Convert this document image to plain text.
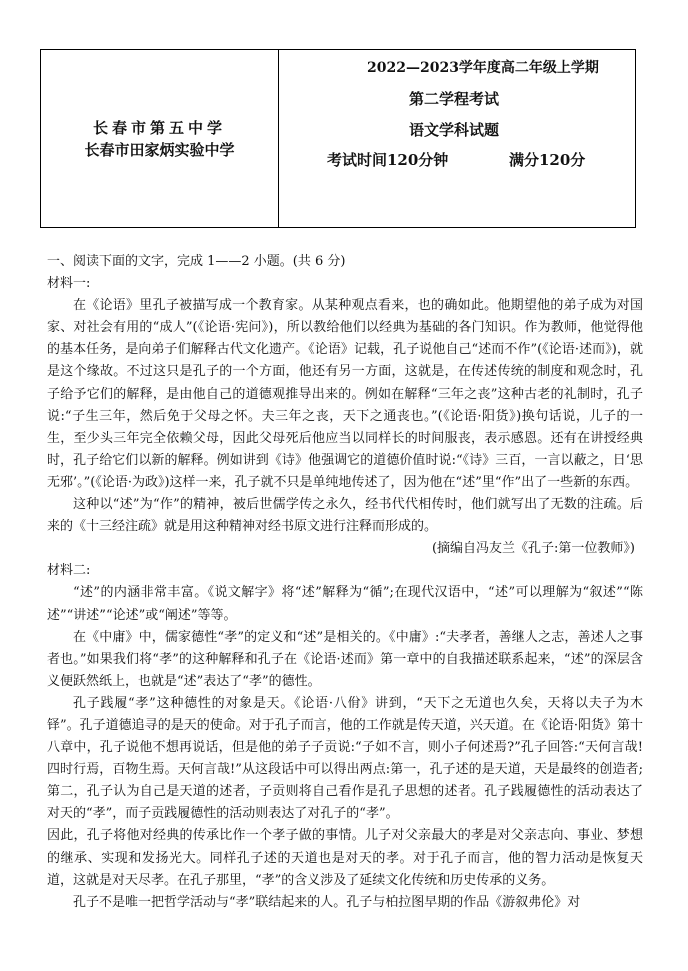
长春市第五中学
长春市田家炳实验中学
2022—2023学年度高二年级上学期
第二学程考试
语文学科试题
考试时间120分钟	满分120分

一、阅读下面的文字，完成 1——2 小题。(共 6 分)

材料一:

在《论语》里孔子被描写成一个教育家。从某种观点看来，也的确如此。他期望他的弟子成为对国家、对社会有用的“成人”(《论语·宪问》)，所以教给他们以经典为基础的各门知识。作为教师，他觉得他的基本任务，是向弟子们解释古代文化遗产。《论语》记载，孔子说他自己“述而不作”(《论语·述而》)，就是这个缘故。不过这只是孔子的一个方面，他还有另一方面，这就是，在传述传统的制度和观念时，孔子给予它们的解释，是由他自己的道德观推导出来的。例如在解释“三年之丧”这种古老的礼制时，孔子说:“子生三年，然后免于父母之怀。夫三年之丧，天下之通丧也。”(《论语·阳货》)换句话说，儿子的一生，至少头三年完全依赖父母，因此父母死后他应当以同样长的时间服丧，表示感恩。还有在讲授经典时，孔子给它们以新的解释。例如讲到《诗》他强调它的道德价值时说:“《诗》三百，一言以蔽之，日‘思无邪’。”(《论语·为政》)这样一来，孔子就不只是单纯地传述了，因为他在“述”里“作”出了一些新的东西。

这种以“述”为“作”的精神，被后世儒学传之永久，经书代代相传时，他们就写出了无数的注疏。后来的《十三经注疏》就是用这种精神对经书原文进行注释而形成的。

(摘编自冯友兰《孔子:第一位教师》)

材料二:

“述”的内涵非常丰富。《说文解字》将“述”解释为“循”;在现代汉语中，“述”可以理解为“叙述”“陈述”“讲述”“论述”或“阐述”等等。

在《中庸》中，儒家德性“孝”的定义和“述”是相关的。《中庸》:“夫孝者，善继人之志，善述人之事者也。”如果我们将“孝”的这种解释和孔子在《论语·述而》第一章中的自我描述联系起来，“述”的深层含义便跃然纸上，也就是“述”表达了“孝”的德性。

孔子践履“孝”这种德性的对象是天。《论语·八佾》讲到，“天下之无道也久矣，天将以夫子为木铎”。孔子道德追寻的是天的使命。对于孔子而言，他的工作就是传天道，兴天道。在《论语·阳货》第十八章中，孔子说他不想再说话，但是他的弟子子贡说:“子如不言，则小子何述焉?”孔子回答:“天何言哉!四时行焉，百物生焉。天何言哉!”从这段话中可以得出两点:第一，孔子述的是天道，天是最终的创造者;第二，孔子认为自己是天道的述者，子贡则将自己看作是孔子思想的述者。孔子践履德性的活动表达了对天的“孝”，而子贡践履德性的活动则表达了对孔子的“孝”。

因此，孔子将他对经典的传承比作一个孝子做的事情。儿子对父亲最大的孝是对父亲志向、事业、梦想的继承、实现和发扬光大。同样孔子述的天道也是对天的孝。对于孔子而言，他的智力活动是恢复天道，这就是对天尽孝。在孔子那里，“孝”的含义涉及了延续文化传统和历史传承的义务。

孔子不是唯一把哲学活动与“孝”联结起来的人。孔子与柏拉图早期的作品《游叙弗伦》对
